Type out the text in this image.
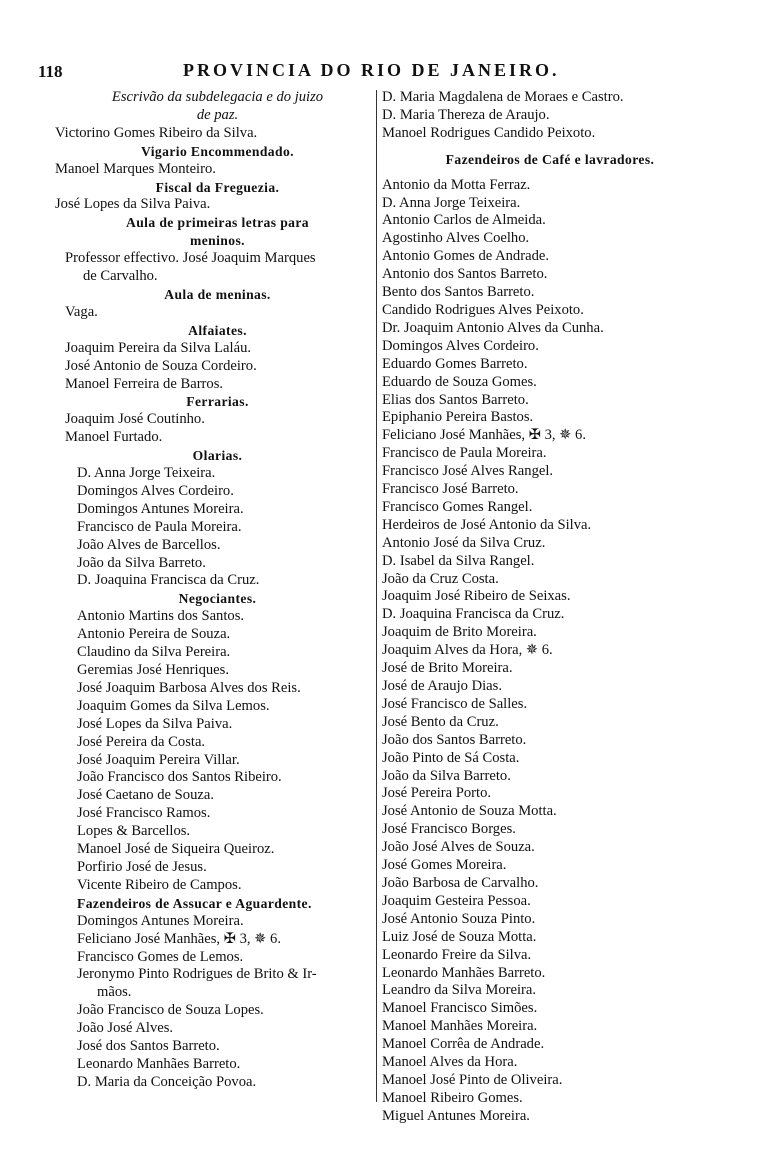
118	PROVINCIA DO RIO DE JANEIRO.
Escrivão da subdelegacia e do juizo
de paz.
Victorino Gomes Ribeiro da Silva.
Vigario Encommendado.
Manoel Marques Monteiro.
Fiscal da Freguezia.
José Lopes da Silva Paiva.
Aula de primeiras letras para
meninos.
Professor effectivo. José Joaquim Marques
de Carvalho.
Aula de meninas.
Vaga.
Alfaiates.
Joaquim Pereira da Silva Laláu.
José Antonio de Souza Cordeiro.
Manoel Ferreira de Barros.
Ferrarias.
Joaquim José Coutinho.
Manoel Furtado.
Olarias.
D. Anna Jorge Teixeira.
Domingos Alves Cordeiro.
Domingos Antunes Moreira.
Francisco de Paula Moreira.
João Alves de Barcellos.
João da Silva Barreto.
D. Joaquina Francisca da Cruz.
Negociantes.
Antonio Martins dos Santos.
Antonio Pereira de Souza.
Claudino da Silva Pereira.
Geremias José Henriques.
José Joaquim Barbosa Alves dos Reis.
Joaquim Gomes da Silva Lemos.
José Lopes da Silva Paiva.
José Pereira da Costa.
José Joaquim Pereira Villar.
João Francisco dos Santos Ribeiro.
José Caetano de Souza.
José Francisco Ramos.
Lopes & Barcellos.
Manoel José de Siqueira Queiroz.
Porfirio José de Jesus.
Vicente Ribeiro de Campos.
Fazendeiros de Assucar e Aguardente.
Domingos Antunes Moreira.
Feliciano José Manhães, ✠ 3, ✵ 6.
Francisco Gomes de Lemos.
Jeronymo Pinto Rodrigues de Brito & Ir-
mãos.
João Francisco de Souza Lopes.
João José Alves.
José dos Santos Barreto.
Leonardo Manhães Barreto.
D. Maria da Conceição Povoa.
D. Maria Magdalena de Moraes e Castro.
D. Maria Thereza de Araujo.
Manoel Rodrigues Candido Peixoto.
Fazendeiros de Café e lavradores.
Antonio da Motta Ferraz.
D. Anna Jorge Teixeira.
Antonio Carlos de Almeida.
Agostinho Alves Coelho.
Antonio Gomes de Andrade.
Antonio dos Santos Barreto.
Bento dos Santos Barreto.
Candido Rodrigues Alves Peixoto.
Dr. Joaquim Antonio Alves da Cunha.
Domingos Alves Cordeiro.
Eduardo Gomes Barreto.
Eduardo de Souza Gomes.
Elias dos Santos Barreto.
Epiphanio Pereira Bastos.
Feliciano José Manhães, ✠ 3, ✵ 6.
Francisco de Paula Moreira.
Francisco José Alves Rangel.
Francisco José Barreto.
Francisco Gomes Rangel.
Herdeiros de José Antonio da Silva.
Antonio José da Silva Cruz.
D. Isabel da Silva Rangel.
João da Cruz Costa.
Joaquim José Ribeiro de Seixas.
D. Joaquina Francisca da Cruz.
Joaquim de Brito Moreira.
Joaquim Alves da Hora, ✵ 6.
José de Brito Moreira.
José de Araujo Dias.
José Francisco de Salles.
José Bento da Cruz.
João dos Santos Barreto.
João Pinto de Sá Costa.
João da Silva Barreto.
José Pereira Porto.
José Antonio de Souza Motta.
José Francisco Borges.
João José Alves de Souza.
José Gomes Moreira.
João Barbosa de Carvalho.
Joaquim Gesteira Pessoa.
José Antonio Souza Pinto.
Luiz José de Souza Motta.
Leonardo Freire da Silva.
Leonardo Manhães Barreto.
Leandro da Silva Moreira.
Manoel Francisco Simões.
Manoel Manhães Moreira.
Manoel Corrêa de Andrade.
Manoel Alves da Hora.
Manoel José Pinto de Oliveira.
Manoel Ribeiro Gomes.
Miguel Antunes Moreira.
